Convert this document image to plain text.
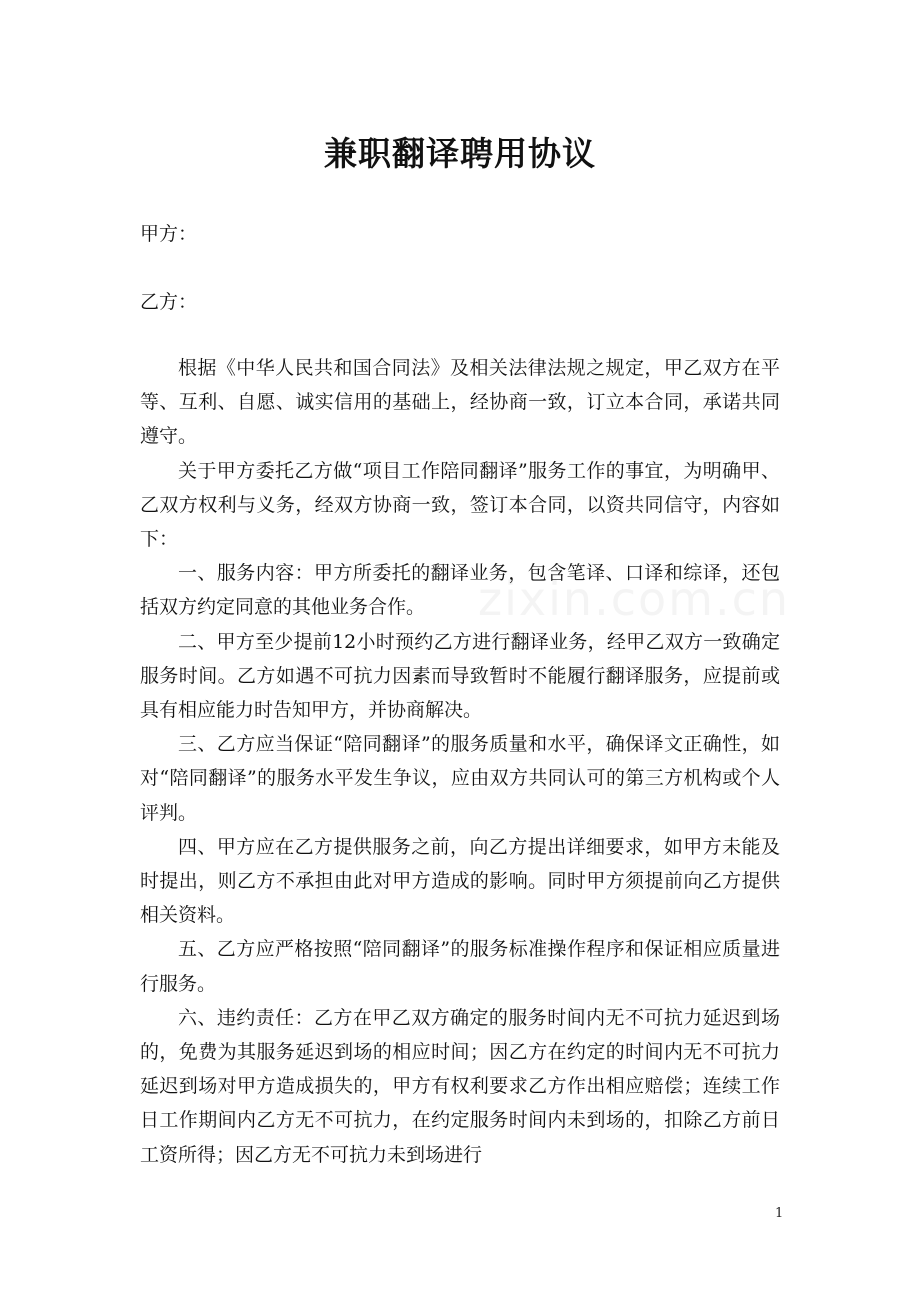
兼职翻译聘用协议
甲方：
乙方：
zixin.com.cn

根据《中华人民共和国合同法》及相关法律法规之规定，甲乙双方在平等、互利、自愿、诚实信用的基础上，经协商一致，订立本合同，承诺共同遵守。

关于甲方委托乙方做“项目工作陪同翻译”服务工作的事宜，为明确甲、乙双方权利与义务，经双方协商一致，签订本合同，以资共同信守，内容如下：

一、服务内容：甲方所委托的翻译业务，包含笔译、口译和综译，还包括双方约定同意的其他业务合作。

二、甲方至少提前12小时预约乙方进行翻译业务，经甲乙双方一致确定服务时间。乙方如遇不可抗力因素而导致暂时不能履行翻译服务，应提前或具有相应能力时告知甲方，并协商解决。

三、乙方应当保证“陪同翻译”的服务质量和水平，确保译文正确性，如对“陪同翻译”的服务水平发生争议，应由双方共同认可的第三方机构或个人评判。

四、甲方应在乙方提供服务之前，向乙方提出详细要求，如甲方未能及时提出，则乙方不承担由此对甲方造成的影响。同时甲方须提前向乙方提供相关资料。

五、乙方应严格按照“陪同翻译”的服务标准操作程序和保证相应质量进行服务。

六、违约责任：乙方在甲乙双方确定的服务时间内无不可抗力延迟到场的，免费为其服务延迟到场的相应时间；因乙方在约定的时间内无不可抗力延迟到场对甲方造成损失的，甲方有权利要求乙方作出相应赔偿；连续工作日工作期间内乙方无不可抗力，在约定服务时间内未到场的，扣除乙方前日工资所得；因乙方无不可抗力未到场进行

1
